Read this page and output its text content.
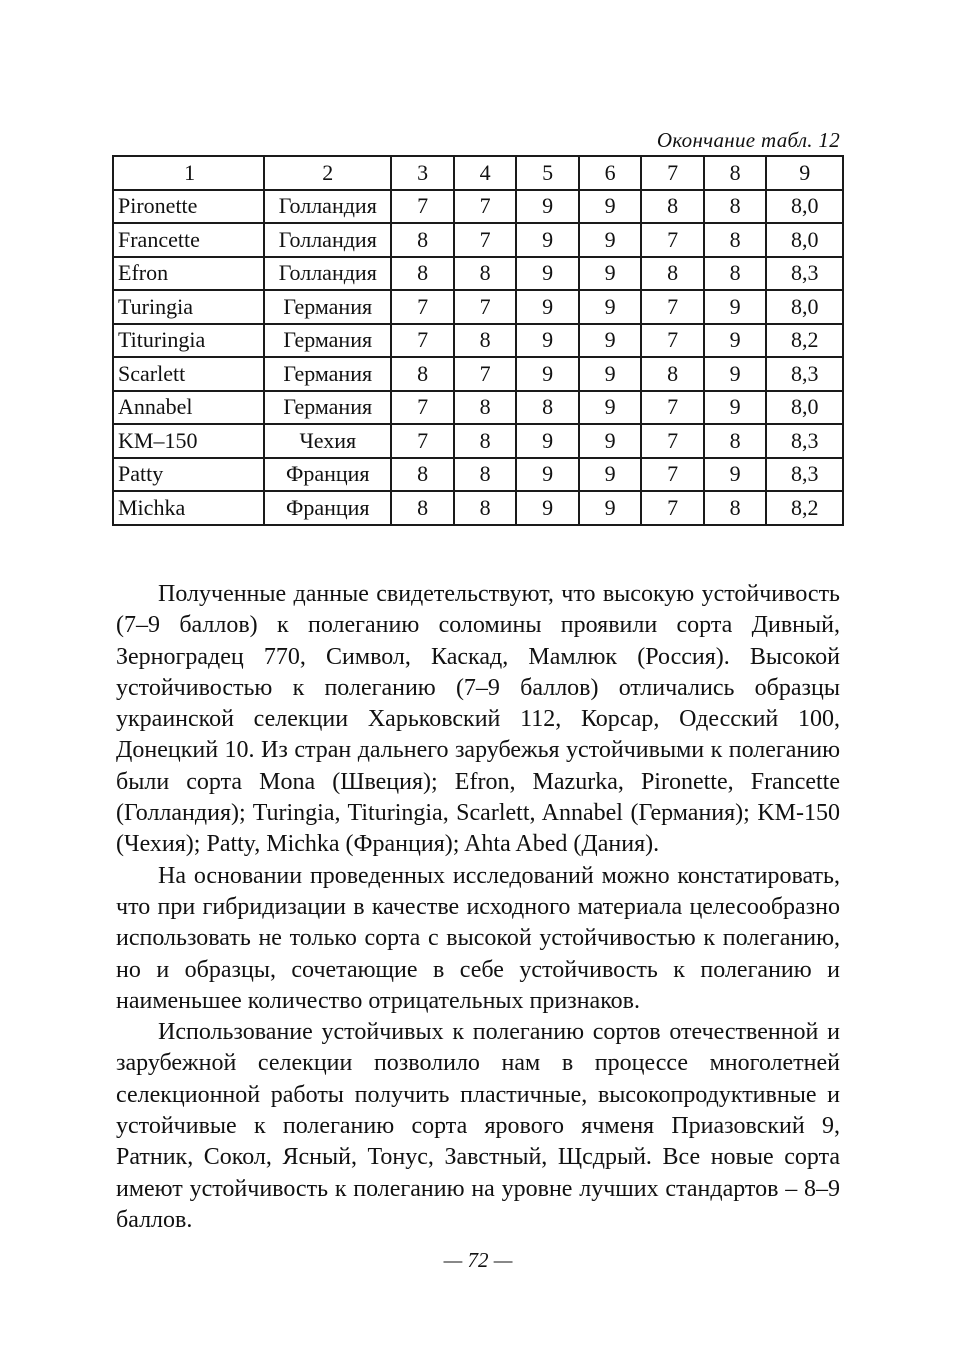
Окончание табл. 12
1	2	3	4	5	6	7	8	9
Pironette	Голландия	7	7	9	9	8	8	8,0
Francette	Голландия	8	7	9	9	7	8	8,0
Efron	Голландия	8	8	9	9	8	8	8,3
Turingia	Германия	7	7	9	9	7	9	8,0
Tituringia	Германия	7	8	9	9	7	9	8,2
Scarlett	Германия	8	7	9	9	8	9	8,3
Annabel	Германия	7	8	8	9	7	9	8,0
KM–150	Чехия	7	8	9	9	7	8	8,3
Patty	Франция	8	8	9	9	7	9	8,3
Michka	Франция	8	8	9	9	7	8	8,2

Полученные данные свидетельствуют, что высокую устойчивость (7–9 баллов) к полеганию соломины проявили сорта Дивный, Зерноградец 770, Символ, Каскад, Мамлюк (Россия). Высокой устойчивостью к полеганию (7–9 баллов) отличались образцы украинской селекции Харьковский 112, Корсар, Одесский 100, Донецкий 10. Из стран дальнего зарубежья устойчивыми к полеганию были сорта Mona (Швеция); Efron, Mazurka, Pironette, Francette (Голландия); Turingia, Tituringia, Scarlett, Annabel (Германия); KM-150 (Чехия); Patty, Michka (Франция); Ahta Abed (Дания).

На основании проведенных исследований можно констатировать, что при гибридизации в качестве исходного материала целесообразно использовать не только сорта с высокой устойчивостью к полеганию, но и образцы, сочетающие в себе устойчивость к полеганию и наименьшее количество отрицательных признаков.

Использование устойчивых к полеганию сортов отечественной и зарубежной селекции позволило нам в процессе многолетней селекционной работы получить пластичные, высокопродуктивные и устойчивые к полеганию сорта ярового ячменя Приазовский 9, Ратник, Сокол, Ясный, Тонус, Завстный, Щсдрый. Все новые сорта имеют устойчивость к полеганию на уровне лучших стандартов – 8–9 баллов.

— 72 —
